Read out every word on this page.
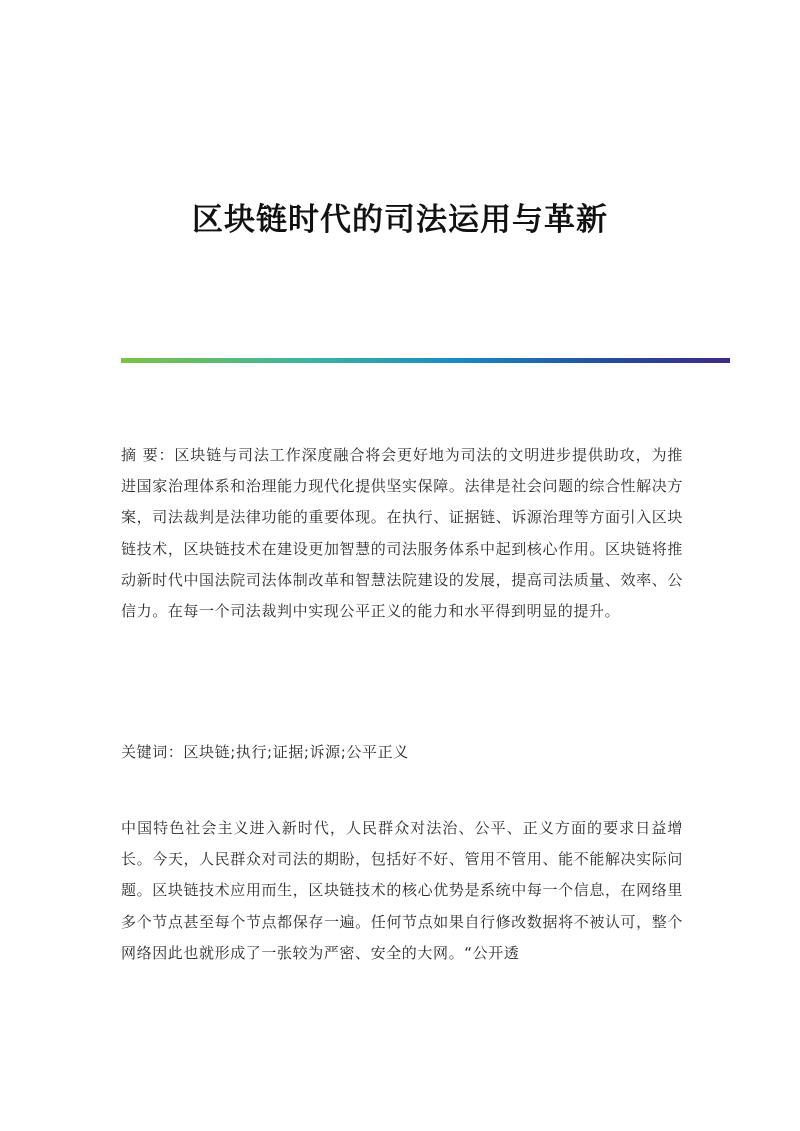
区块链时代的司法运用与革新

摘 要：区块链与司法工作深度融合将会更好地为司法的文明进步提供助攻，为推进国家治理体系和治理能力现代化提供坚实保障。法律是社会问题的综合性解决方案，司法裁判是法律功能的重要体现。在执行、证据链、诉源治理等方面引入区块链技术，区块链技术在建设更加智慧的司法服务体系中起到核心作用。区块链将推动新时代中国法院司法体制改革和智慧法院建设的发展，提高司法质量、效率、公信力。在每一个司法裁判中实现公平正义的能力和水平得到明显的提升。

关键词：区块链;执行;证据;诉源;公平正义

中国特色社会主义进入新时代，人民群众对法治、公平、正义方面的要求日益增长。今天，人民群众对司法的期盼，包括好不好、管用不管用、能不能解决实际问题。区块链技术应用而生，区块链技术的核心优势是系统中每一个信息，在网络里多个节点甚至每个节点都保存一遍。任何节点如果自行修改数据将不被认可，整个网络因此也就形成了一张较为严密、安全的大网。“公开透
